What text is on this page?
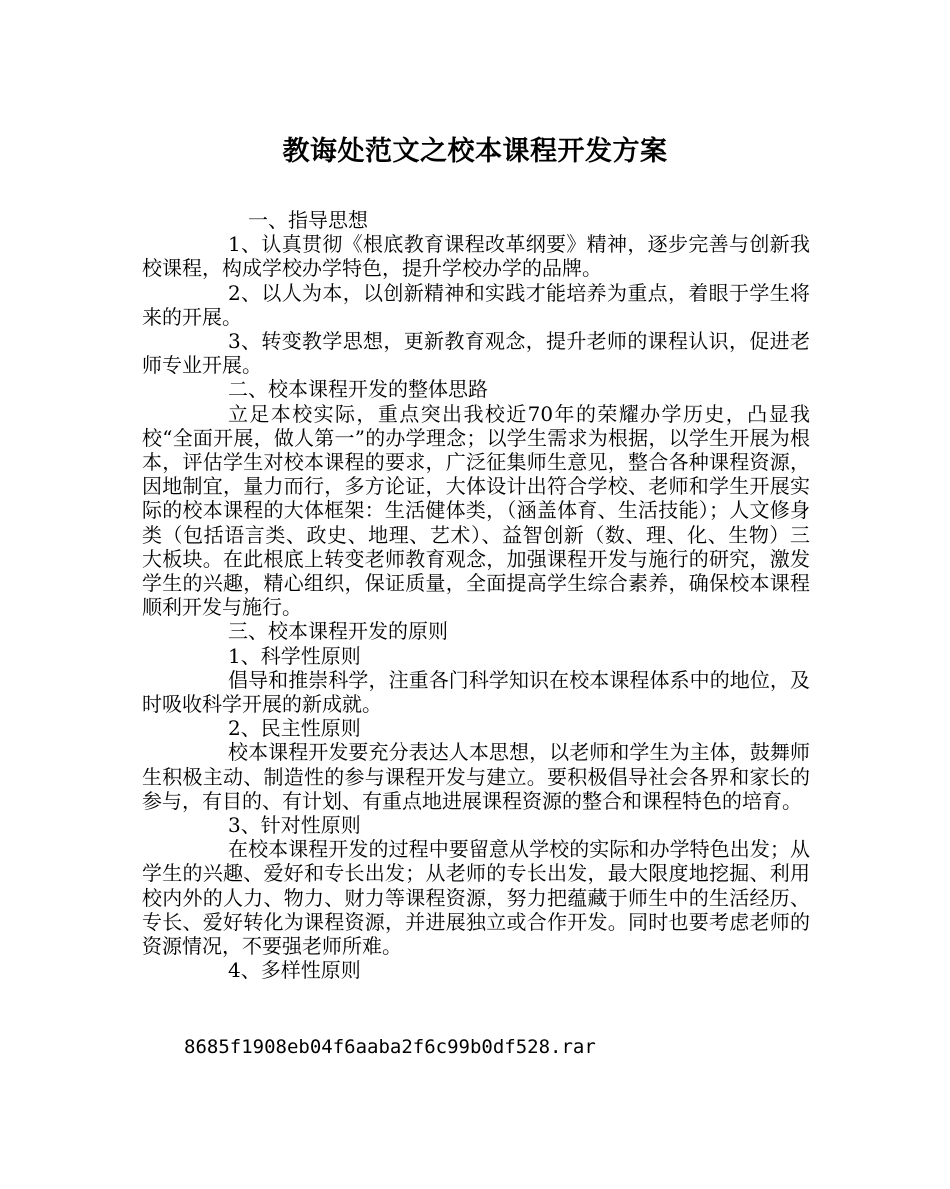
教诲处范文之校本课程开发方案

一、指导思想

1、认真贯彻《根底教育课程改革纲要》精神，逐步完善与创新我校课程，构成学校办学特色，提升学校办学的品牌。

2、以人为本，以创新精神和实践才能培养为重点，着眼于学生将来的开展。

3、转变教学思想，更新教育观念，提升老师的课程认识，促进老师专业开展。

二、校本课程开发的整体思路

立足本校实际，重点突出我校近70年的荣耀办学历史，凸显我校“全面开展，做人第一”的办学理念；以学生需求为根据，以学生开展为根本，评估学生对校本课程的要求，广泛征集师生意见，整合各种课程资源，因地制宜，量力而行，多方论证，大体设计出符合学校、老师和学生开展实际的校本课程的大体框架：生活健体类，（涵盖体育、生活技能）；人文修身类（包括语言类、政史、地理、艺术）、益智创新（数、理、化、生物）三大板块。在此根底上转变老师教育观念，加强课程开发与施行的研究，激发学生的兴趣，精心组织，保证质量，全面提高学生综合素养，确保校本课程顺利开发与施行。

三、校本课程开发的原则

1、科学性原则

倡导和推崇科学，注重各门科学知识在校本课程体系中的地位，及时吸收科学开展的新成就。

2、民主性原则

校本课程开发要充分表达人本思想，以老师和学生为主体，鼓舞师生积极主动、制造性的参与课程开发与建立。要积极倡导社会各界和家长的参与，有目的、有计划、有重点地进展课程资源的整合和课程特色的培育。

3、针对性原则

在校本课程开发的过程中要留意从学校的实际和办学特色出发；从学生的兴趣、爱好和专长出发；从老师的专长出发，最大限度地挖掘、利用校内外的人力、物力、财力等课程资源，努力把蕴藏于师生中的生活经历、专长、爱好转化为课程资源，并进展独立或合作开发。同时也要考虑老师的资源情况，不要强老师所难。

4、多样性原则

8685f1908eb04f6aaba2f6c99b0df528.rar
